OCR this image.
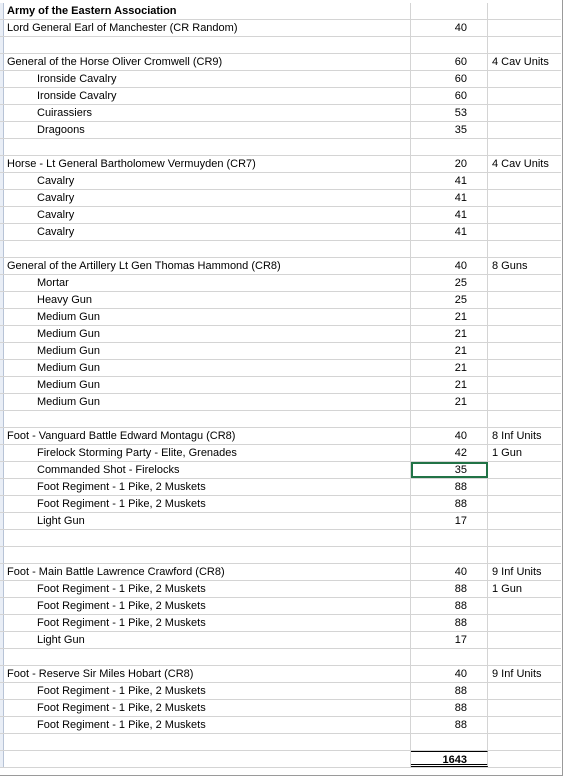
Army of the Eastern Association
Lord General Earl of Manchester (CR Random)	40
General of the Horse Oliver Cromwell (CR9)	60	4 Cav Units
Ironside Cavalry	60
Ironside Cavalry	60
Cuirassiers	53
Dragoons	35
Horse - Lt General Bartholomew Vermuyden (CR7)	20	4 Cav Units
Cavalry	41
Cavalry	41
Cavalry	41
Cavalry	41
General of the Artillery Lt Gen Thomas Hammond (CR8)	40	8 Guns
Mortar	25
Heavy Gun	25
Medium Gun	21
Medium Gun	21
Medium Gun	21
Medium Gun	21
Medium Gun	21
Medium Gun	21
Foot - Vanguard Battle Edward Montagu (CR8)	40	8 Inf Units
Firelock Storming Party - Elite, Grenades	42	1 Gun
Commanded Shot - Firelocks	35
Foot Regiment - 1 Pike, 2 Muskets	88
Foot Regiment - 1 Pike, 2 Muskets	88
Light Gun	17
Foot - Main Battle Lawrence Crawford (CR8)	40	9 Inf Units
Foot Regiment - 1 Pike, 2 Muskets	88	1 Gun
Foot Regiment - 1 Pike, 2 Muskets	88
Foot Regiment - 1 Pike, 2 Muskets	88
Light Gun	17
Foot - Reserve Sir Miles Hobart (CR8)	40	9 Inf Units
Foot Regiment - 1 Pike, 2 Muskets	88
Foot Regiment - 1 Pike, 2 Muskets	88
Foot Regiment - 1 Pike, 2 Muskets	88
1643
